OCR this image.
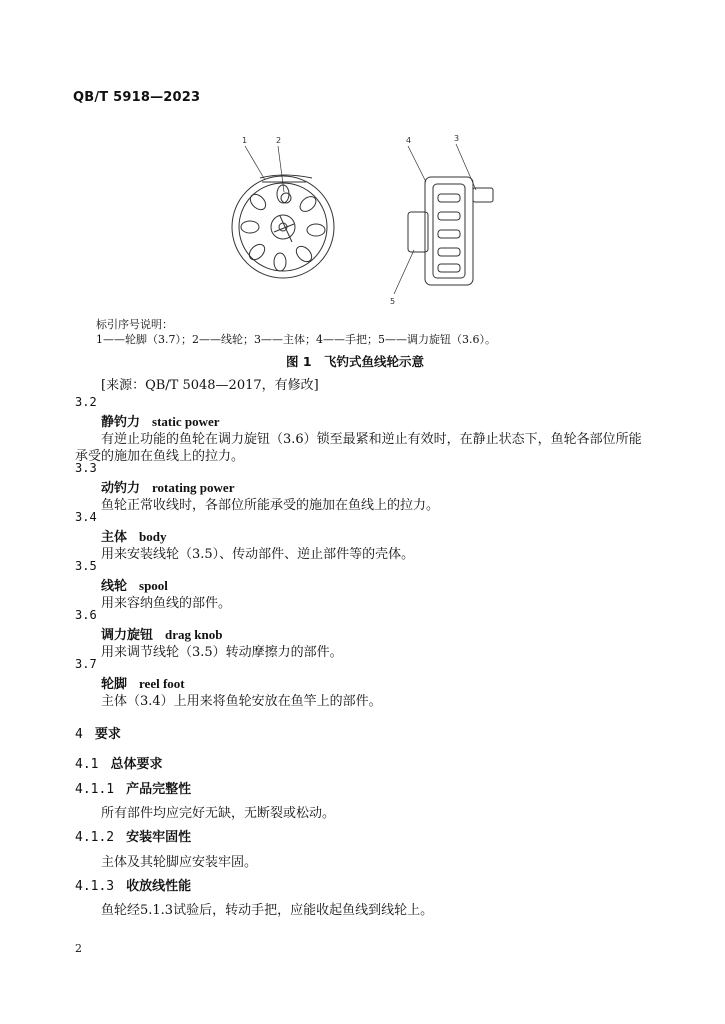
QB/T 5918—2023
1	2	4	3
5
标引序号说明：
1——轮脚（3.7）；2——线轮；3——主体；4——手把；5——调力旋钮（3.6）。
图 1　飞钓式鱼线轮示意
[来源：QB/T 5048—2017，有修改]
3.2
静钓力 static power
有逆止功能的鱼轮在调力旋钮（3.6）锁至最紧和逆止有效时，在静止状态下，鱼轮各部位所能
承受的施加在鱼线上的拉力。
3.3
动钓力 rotating power
鱼轮正常收线时，各部位所能承受的施加在鱼线上的拉力。
3.4
主体 body
用来安装线轮（3.5）、传动部件、逆止部件等的壳体。
3.5
线轮 spool
用来容纳鱼线的部件。
3.6
调力旋钮 drag knob
用来调节线轮（3.5）转动摩擦力的部件。
3.7
轮脚 reel foot
主体（3.4）上用来将鱼轮安放在鱼竿上的部件。
4 要求
4.1 总体要求
4.1.1 产品完整性
所有部件均应完好无缺，无断裂或松动。
4.1.2 安装牢固性
主体及其轮脚应安装牢固。
4.1.3 收放线性能
鱼轮经5.1.3试验后，转动手把，应能收起鱼线到线轮上。
2
